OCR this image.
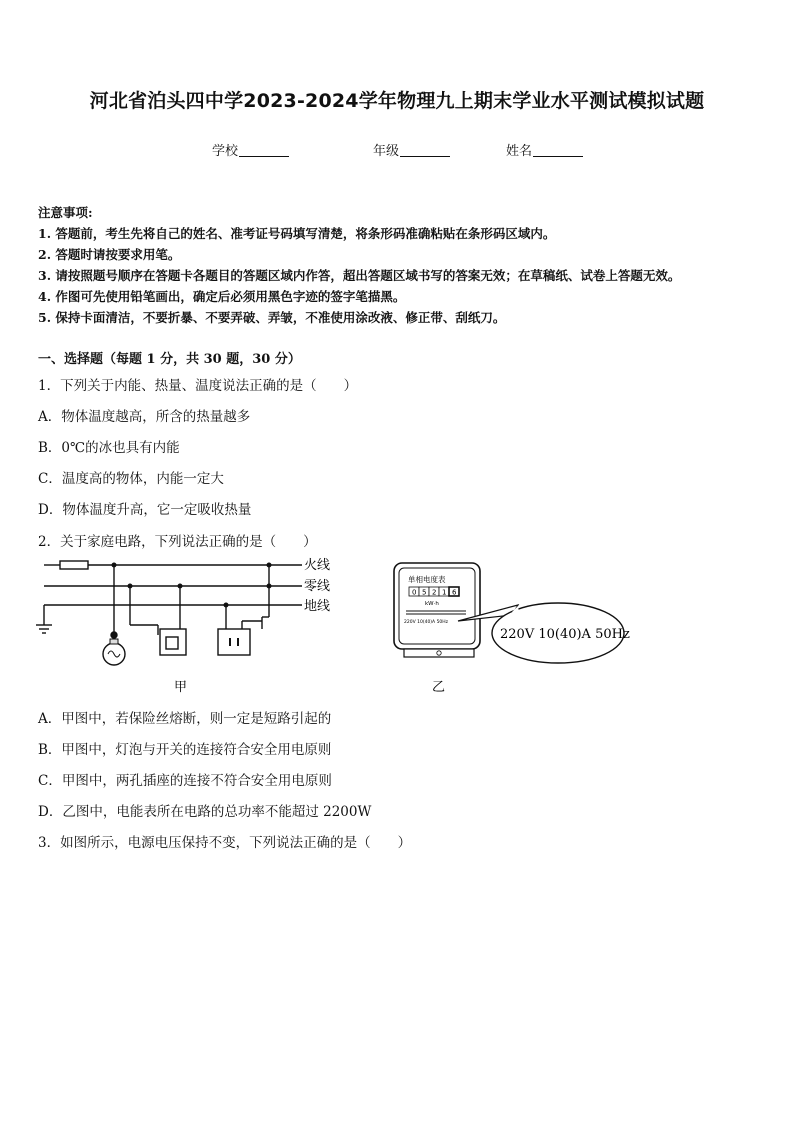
河北省泊头四中学2023-2024学年物理九上期末学业水平测试模拟试题
学校	年级	姓名
注意事项:
1. 答题前，考生先将自己的姓名、准考证号码填写清楚，将条形码准确粘贴在条形码区域内。
2. 答题时请按要求用笔。
3. 请按照题号顺序在答题卡各题目的答题区域内作答，超出答题区域书写的答案无效；在草稿纸、试卷上答题无效。
4. 作图可先使用铅笔画出，确定后必须用黑色字迹的签字笔描黑。
5. 保持卡面清洁，不要折暴、不要弄破、弄皱，不准使用涂改液、修正带、刮纸刀。
一、选择题（每题 1 分，共 30 题，30 分）
1．下列关于内能、热量、温度说法正确的是（　　）
A．物体温度越高，所含的热量越多
B．0℃的冰也具有内能
C．温度高的物体，内能一定大
D．物体温度升高，它一定吸收热量
2．关于家庭电路，下列说法正确的是（　　）
火线
零线
地线
甲
单相电度表
0 5 2 1 6
kW·h
220V 10(40)A 50Hz
220V 10(40)A 50Hz
乙
A．甲图中，若保险丝熔断，则一定是短路引起的
B．甲图中，灯泡与开关的连接符合安全用电原则
C．甲图中，两孔插座的连接不符合安全用电原则
D．乙图中，电能表所在电路的总功率不能超过 2200W
3．如图所示，电源电压保持不变，下列说法正确的是（　　）
